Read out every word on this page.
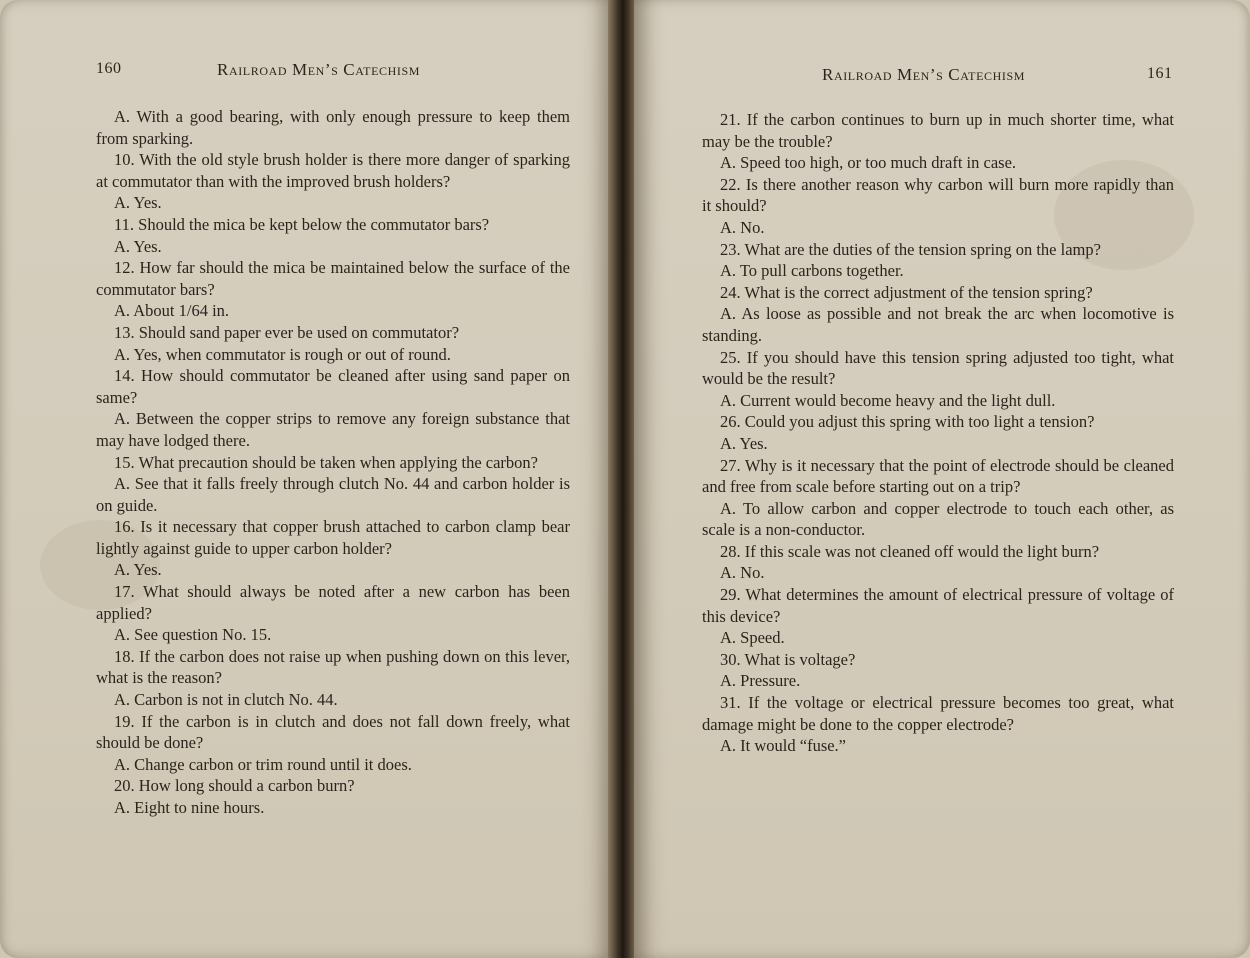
160	Railroad Men’s Catechism

A. With a good bearing, with only enough pressure to keep them from sparking.

10. With the old style brush holder is there more danger of sparking at commutator than with the improved brush holders?

A. Yes.

11. Should the mica be kept below the commutator bars?

A. Yes.

12. How far should the mica be maintained below the surface of the commutator bars?

A. About 1/64 in.

13. Should sand paper ever be used on commutator?

A. Yes, when commutator is rough or out of round.

14. How should commutator be cleaned after using sand paper on same?

A. Between the copper strips to remove any foreign substance that may have lodged there.

15. What precaution should be taken when applying the carbon?

A. See that it falls freely through clutch No. 44 and carbon holder is on guide.

16. Is it necessary that copper brush attached to carbon clamp bear lightly against guide to upper carbon holder?

A. Yes.

17. What should always be noted after a new carbon has been applied?

A. See question No. 15.

18. If the carbon does not raise up when pushing down on this lever, what is the reason?

A. Carbon is not in clutch No. 44.

19. If the carbon is in clutch and does not fall down freely, what should be done?

A. Change carbon or trim round until it does.

20. How long should a carbon burn?

A. Eight to nine hours.

Railroad Men’s Catechism	161

21. If the carbon continues to burn up in much shorter time, what may be the trouble?

A. Speed too high, or too much draft in case.

22. Is there another reason why carbon will burn more rapidly than it should?

A. No.

23. What are the duties of the tension spring on the lamp?

A. To pull carbons together.

24. What is the correct adjustment of the tension spring?

A. As loose as possible and not break the arc when locomotive is standing.

25. If you should have this tension spring adjusted too tight, what would be the result?

A. Current would become heavy and the light dull.

26. Could you adjust this spring with too light a tension?

A. Yes.

27. Why is it necessary that the point of electrode should be cleaned and free from scale before starting out on a trip?

A. To allow carbon and copper electrode to touch each other, as scale is a non-conductor.

28. If this scale was not cleaned off would the light burn?

A. No.

29. What determines the amount of electrical pressure of voltage of this device?

A. Speed.

30. What is voltage?

A. Pressure.

31. If the voltage or electrical pressure becomes too great, what damage might be done to the copper electrode?

A. It would “fuse.”
